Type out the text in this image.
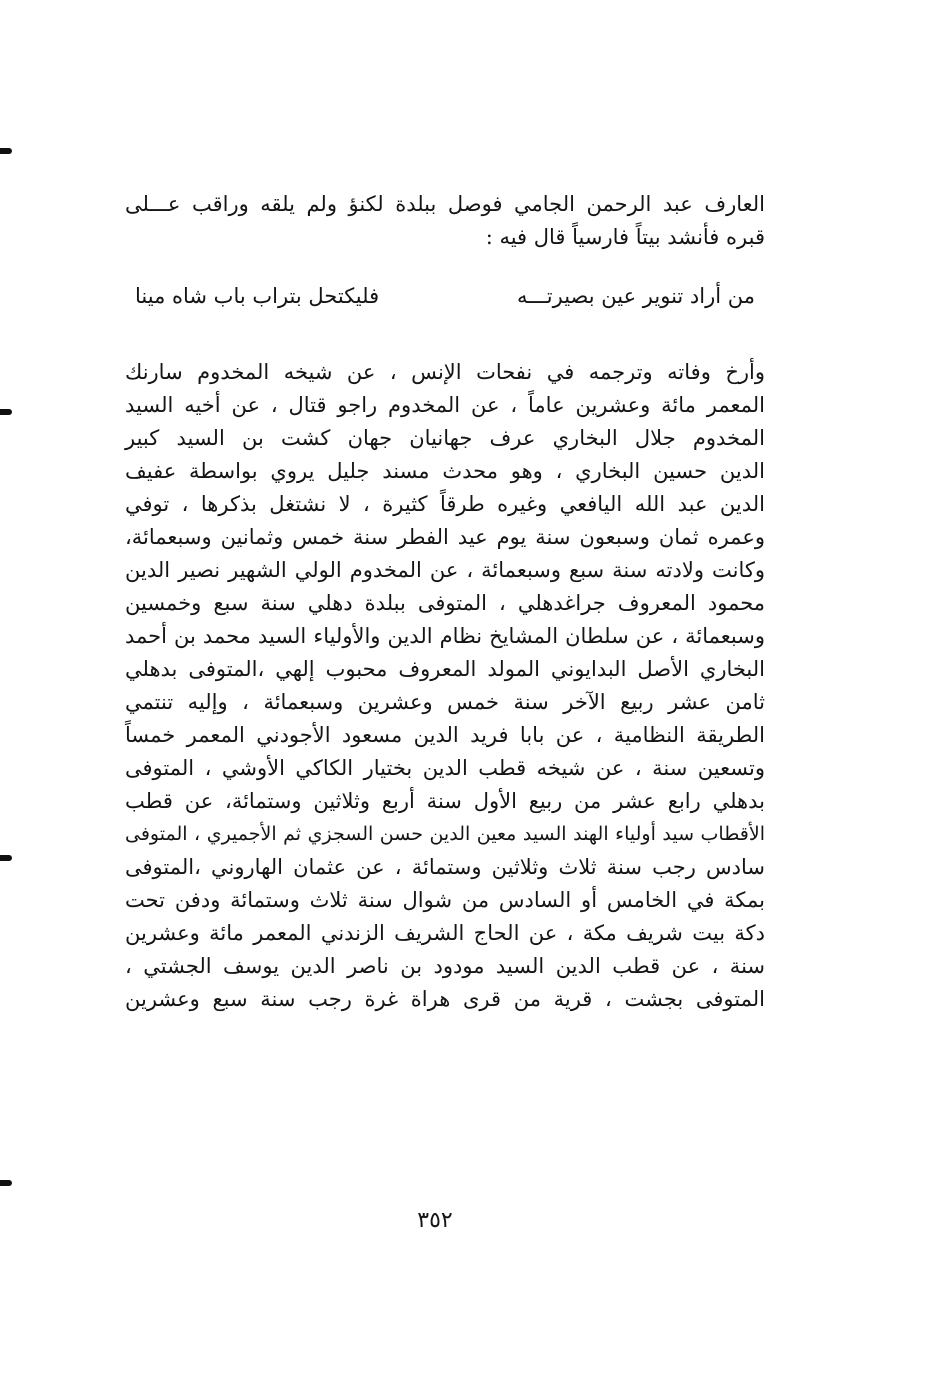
العارف عبد الرحمن الجامي فوصل ببلدة لكنؤ ولم يلقه وراقب عـــلى
قبره فأنشد بيتاً فارسياً قال فيه :
من أراد تنوير عين بصيرتـــه
فليكتحل بتراب باب شاه مينا
وأرخ وفاته وترجمه في نفحات الإنس ، عن شيخه المخدوم سارنك
المعمر مائة وعشرين عاماً ، عن المخدوم راجو قتال ، عن أخيه السيد
المخدوم جلال البخاري عرف جهانيان جهان كشت بن السيد كبير
الدين حسين البخاري ، وهو محدث مسند جليل يروي بواسطة عفيف
الدين عبد الله اليافعي وغيره طرقاً كثيرة ، لا نشتغل بذكرها ، توفي
وعمره ثمان وسبعون سنة يوم عيد الفطر سنة خمس وثمانين وسبعمائة،
وكانت ولادته سنة سبع وسبعمائة ، عن المخدوم الولي الشهير نصير الدين
محمود المعروف جراغدهلي ، المتوفى ببلدة دهلي سنة سبع وخمسين
وسبعمائة ، عن سلطان المشايخ نظام الدين والأولياء السيد محمد بن أحمد
البخاري الأصل البدايوني المولد المعروف محبوب إلهي ،المتوفى بدهلي
ثامن عشر ربيع الآخر سنة خمس وعشرين وسبعمائة ، وإليه تنتمي
الطريقة النظامية ، عن بابا فريد الدين مسعود الأجودني المعمر خمساً
وتسعين سنة ، عن شيخه قطب الدين بختيار الكاكي الأوشي ، المتوفى
بدهلي رابع عشر من ربيع الأول سنة أربع وثلاثين وستمائة، عن قطب
الأقطاب سيد أولياء الهند السيد معين الدين حسن السجزي ثم الأجميري ، المتوفى
سادس رجب سنة ثلاث وثلاثين وستمائة ، عن عثمان الهاروني ،المتوفى
بمكة في الخامس أو السادس من شوال سنة ثلاث وستمائة ودفن تحت
دكة بيت شريف مكة ، عن الحاج الشريف الزندني المعمر مائة وعشرين
سنة ، عن قطب الدين السيد مودود بن ناصر الدين يوسف الجشتي ،
المتوفى بجشت ، قرية من قرى هراة غرة رجب سنة سبع وعشرين
٣٥٢
